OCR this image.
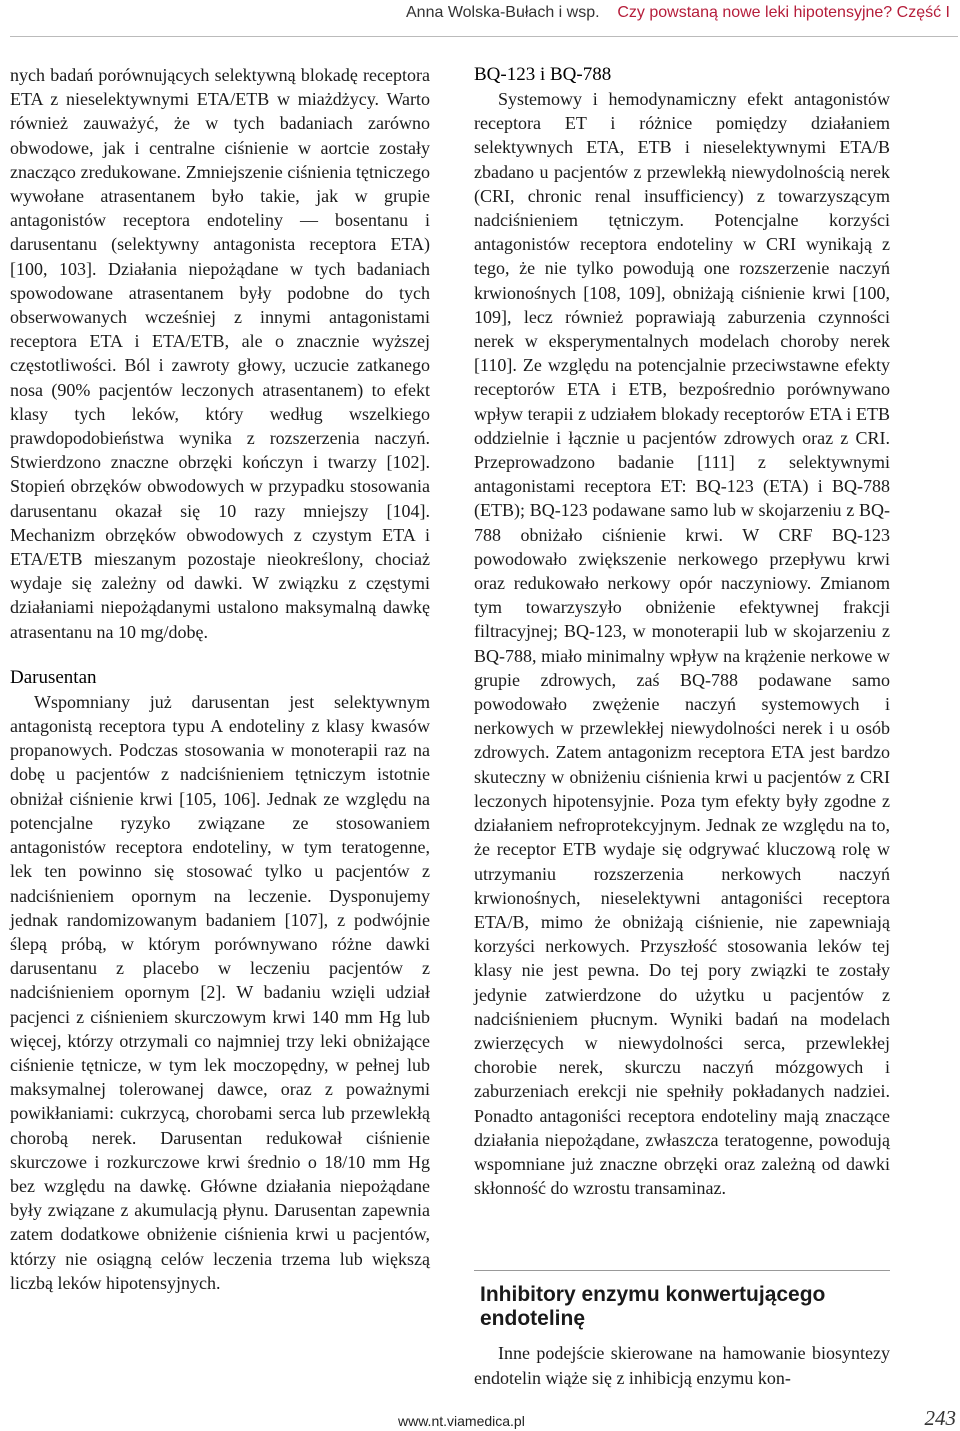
Anna Wolska-Bułach i wsp. Czy powstaną nowe leki hipotensyjne? Część I

nych badań porównujących selektywną blokadę receptora ETA z nieselektywnymi ETA/ETB w miażdżycy. Warto również zauważyć, że w tych badaniach zarówno obwodowe, jak i centralne ciśnienie w aortcie zostały znacząco zredukowane. Zmniejszenie ciśnienia tętniczego wywołane atrasentanem było takie, jak w grupie antagonistów receptora endoteliny — bosentanu i darusentanu (selektywny antagonista receptora ETA) [100, 103]. Działania niepożądane w tych badaniach spowodowane atrasentanem były podobne do tych obserwowanych wcześniej z innymi antagonistami receptora ETA i ETA/ETB, ale o znacznie wyższej częstotliwości. Ból i zawroty głowy, uczucie zatkanego nosa (90% pacjentów leczonych atrasentanem) to efekt klasy tych leków, który według wszelkiego prawdopodobieństwa wynika z rozszerzenia naczyń. Stwierdzono znaczne obrzęki kończyn i twarzy [102]. Stopień obrzęków obwodowych w przypadku stosowania darusentanu okazał się 10 razy mniejszy [104]. Mechanizm obrzęków obwodowych z czystym ETA i ETA/ETB mieszanym pozostaje nieokreślony, chociaż wydaje się zależny od dawki. W związku z częstymi działaniami niepożądanymi ustalono maksymalną dawkę atrasentanu na 10 mg/dobę.

Darusentan

Wspomniany już darusentan jest selektywnym antagonistą receptora typu A endoteliny z klasy kwasów propanowych. Podczas stosowania w monoterapii raz na dobę u pacjentów z nadciśnieniem tętniczym istotnie obniżał ciśnienie krwi [105, 106]. Jednak ze względu na potencjalne ryzyko związane ze stosowaniem antagonistów receptora endoteliny, w tym teratogenne, lek ten powinno się stosować tylko u pacjentów z nadciśnieniem opornym na leczenie. Dysponujemy jednak randomizowanym badaniem [107], z podwójnie ślepą próbą, w którym porównywano różne dawki darusentanu z placebo w leczeniu pacjentów z nadciśnieniem opornym [2]. W badaniu wzięli udział pacjenci z ciśnieniem skurczowym krwi 140 mm Hg lub więcej, którzy otrzymali co najmniej trzy leki obniżające ciśnienie tętnicze, w tym lek moczopędny, w pełnej lub maksymalnej tolerowanej dawce, oraz z poważnymi powikłaniami: cukrzycą, chorobami serca lub przewlekłą chorobą nerek. Darusentan redukował ciśnienie skurczowe i rozkurczowe krwi średnio o 18/10 mm Hg bez względu na dawkę. Główne działania niepożądane były związane z akumulacją płynu. Darusentan zapewnia zatem dodatkowe obniżenie ciśnienia krwi u pacjentów, którzy nie osiągną celów leczenia trzema lub większą liczbą leków hipotensyjnych.

BQ-123 i BQ-788

Systemowy i hemodynamiczny efekt antagonistów receptora ET i różnice pomiędzy działaniem selektywnych ETA, ETB i nieselektywnymi ETA/B zbadano u pacjentów z przewlekłą niewydolnością nerek (CRI, chronic renal insufficiency) z towarzyszącym nadciśnieniem tętniczym. Potencjalne korzyści antagonistów receptora endoteliny w CRI wynikają z tego, że nie tylko powodują one rozszerzenie naczyń krwionośnych [108, 109], obniżają ciśnienie krwi [100, 109], lecz również poprawiają zaburzenia czynności nerek w eksperymentalnych modelach choroby nerek [110]. Ze względu na potencjalnie przeciwstawne efekty receptorów ETA i ETB, bezpośrednio porównywano wpływ terapii z udziałem blokady receptorów ETA i ETB oddzielnie i łącznie u pacjentów zdrowych oraz z CRI. Przeprowadzono badanie [111] z selektywnymi antagonistami receptora ET: BQ-123 (ETA) i BQ-788 (ETB); BQ-123 podawane samo lub w skojarzeniu z BQ-788 obniżało ciśnienie krwi. W CRF BQ-123 powodowało zwiększenie nerkowego przepływu krwi oraz redukowało nerkowy opór naczyniowy. Zmianom tym towarzyszyło obniżenie efektywnej frakcji filtracyjnej; BQ-123, w monoterapii lub w skojarzeniu z BQ-788, miało minimalny wpływ na krążenie nerkowe w grupie zdrowych, zaś BQ-788 podawane samo powodowało zwężenie naczyń systemowych i nerkowych w przewlekłej niewydolności nerek i u osób zdrowych. Zatem antagonizm receptora ETA jest bardzo skuteczny w obniżeniu ciśnienia krwi u pacjentów z CRI leczonych hipotensyjnie. Poza tym efekty były zgodne z działaniem nefroprotekcyjnym. Jednak ze względu na to, że receptor ETB wydaje się odgrywać kluczową rolę w utrzymaniu rozszerzenia nerkowych naczyń krwionośnych, nieselektywni antagoniści receptora ETA/B, mimo że obniżają ciśnienie, nie zapewniają korzyści nerkowych. Przyszłość stosowania leków tej klasy nie jest pewna. Do tej pory związki te zostały jedynie zatwierdzone do użytku u pacjentów z nadciśnieniem płucnym. Wyniki badań na modelach zwierzęcych w niewydolności serca, przewlekłej chorobie nerek, skurczu naczyń mózgowych i zaburzeniach erekcji nie spełniły pokładanych nadziei. Ponadto antagoniści receptora endoteliny mają znaczące działania niepożądane, zwłaszcza teratogenne, powodują wspomniane już znaczne obrzęki oraz zależną od dawki skłonność do wzrostu transaminaz.

Inhibitory enzymu konwertującego endotelinę

Inne podejście skierowane na hamowanie biosyntezy endotelin wiąże się z inhibicją enzymu kon-

www.nt.viamedica.pl	243
